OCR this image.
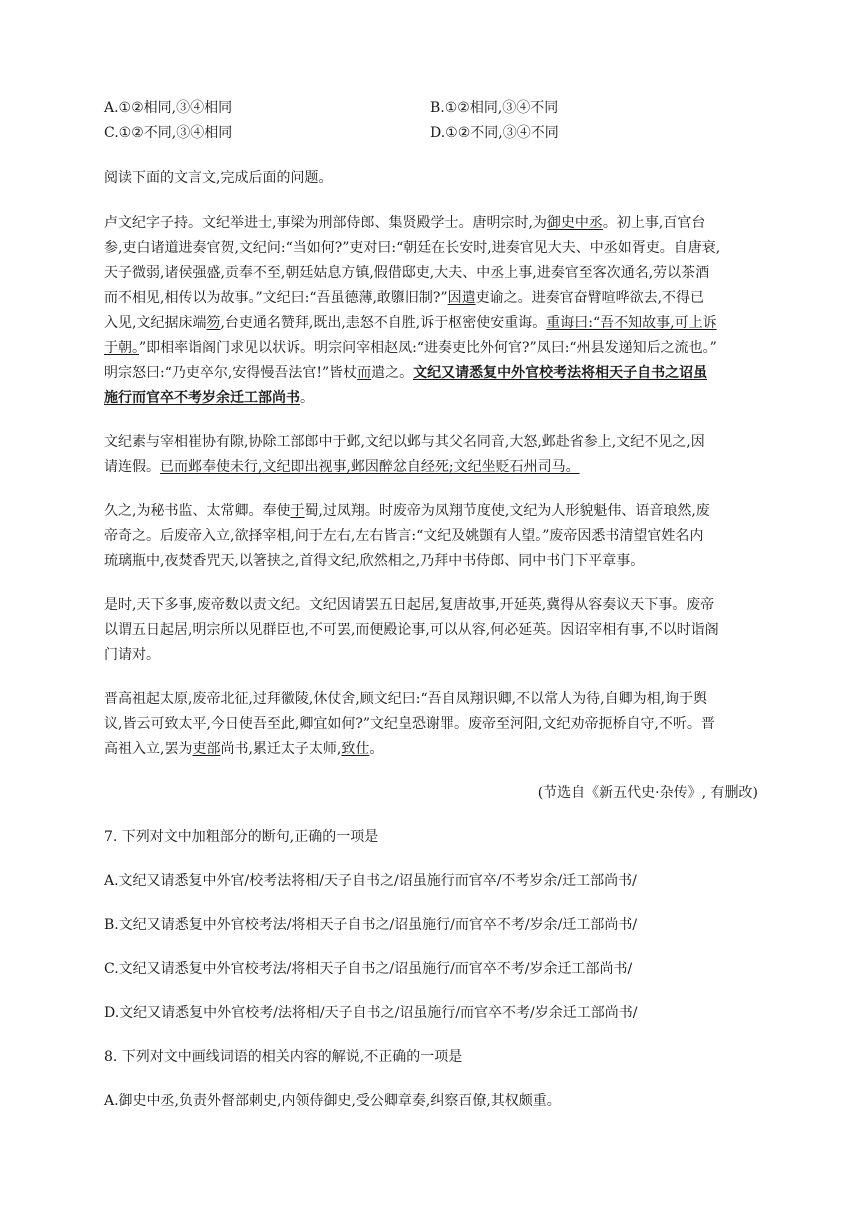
A.①②相同,③④相同	B.①②相同,③④不同
C.①②不同,③④相同	D.①②不同,③④不同
阅读下面的文言文,完成后面的问题。
卢文纪字子持。文纪举进士,事梁为刑部侍郎、集贤殿学士。唐明宗时,为御史中丞。初上事,百官台
参,吏白诸道进奏官贺,文纪问:“当如何?”吏对曰:“朝廷在长安时,进奏官见大夫、中丞如胥吏。自唐衰,
天子微弱,诸侯强盛,贡奉不至,朝廷姑息方镇,假借邸吏,大夫、中丞上事,进奏官至客次通名,劳以茶酒
而不相见,相传以为故事。”文纪曰:“吾虽德薄,敢隳旧制?”因遣吏谕之。进奏官奋臂喧哗欲去,不得已
入见,文纪据床端笏,台吏通名赞拜,既出,恚怒不自胜,诉于枢密使安重诲。重诲曰:“吾不知故事,可上诉
于朝。”即相率诣阁门求见以状诉。明宗问宰相赵凤:“进奏吏比外何官?”凤曰:“州县发递知后之流也。”
明宗怒曰:“乃吏卒尔,安得慢吾法官!”皆杖而遣之。文纪又请悉复中外官校考法将相天子自书之诏虽
施行而官卒不考岁余迁工部尚书。
文纪素与宰相崔协有隙,协除工部郎中于邺,文纪以邺与其父名同音,大怒,邺赴省参上,文纪不见之,因
请连假。已而邺奉使未行,文纪即出视事,邺因醉忿自经死;文纪坐贬石州司马。
久之,为秘书监、太常卿。奉使于蜀,过凤翔。时废帝为凤翔节度使,文纪为人形貌魁伟、语音琅然,废
帝奇之。后废帝入立,欲择宰相,问于左右,左右皆言:“文纪及姚顗有人望。”废帝因悉书清望官姓名内
琉璃瓶中,夜焚香咒天,以箸挟之,首得文纪,欣然相之,乃拜中书侍郎、同中书门下平章事。
是时,天下多事,废帝数以责文纪。文纪因请罢五日起居,复唐故事,开延英,冀得从容奏议天下事。废帝
以谓五日起居,明宗所以见群臣也,不可罢,而便殿论事,可以从容,何必延英。因诏宰相有事,不以时诣阁
门请对。
晋高祖起太原,废帝北征,过拜徽陵,休仗舍,顾文纪曰:“吾自凤翔识卿,不以常人为待,自卿为相,询于舆
议,皆云可致太平,今日使吾至此,卿宜如何?”文纪皇恐谢罪。废帝至河阳,文纪劝帝扼桥自守,不听。晋
高祖入立,罢为吏部尚书,累迁太子太师,致仕。
(节选自《新五代史·杂传》, 有删改)
7. 下列对文中加粗部分的断句,正确的一项是
A.文纪又请悉复中外官/校考法将相/天子自书之/诏虽施行而官卒/不考岁余/迁工部尚书/
B.文纪又请悉复中外官校考法/将相天子自书之/诏虽施行/而官卒不考/岁余/迁工部尚书/
C.文纪又请悉复中外官校考法/将相天子自书之/诏虽施行/而官卒不考/岁余迁工部尚书/
D.文纪又请悉复中外官校考/法将相/天子自书之/诏虽施行/而官卒不考/岁余迁工部尚书/
8. 下列对文中画线词语的相关内容的解说,不正确的一项是
A.御史中丞,负责外督部刺史,内领侍御史,受公卿章奏,纠察百僚,其权颇重。
